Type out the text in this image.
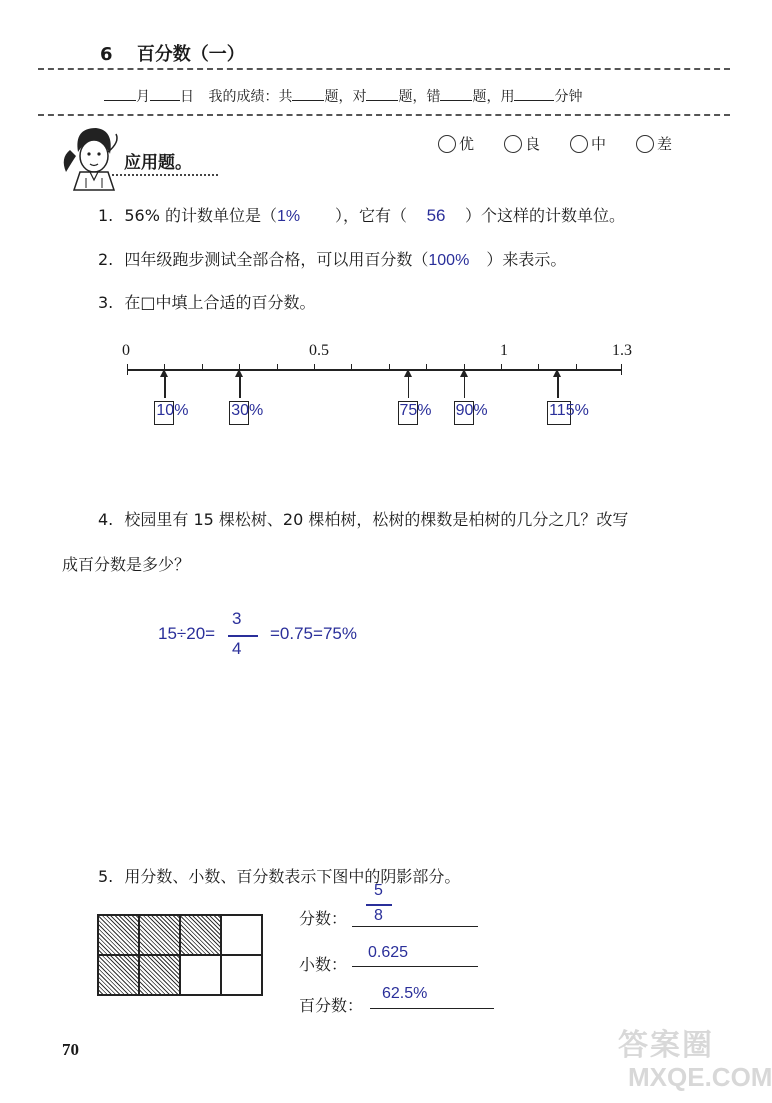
6 百分数（一）
月 日 我的成绩：共 题，对 题，错 题，用	分钟
应用题。
优	良	中	差
1. 56% 的计数单位是（1% ），它有（ 56 ）个这样的计数单位。
2. 四年级跑步测试全部合格，可以用百分数（100% ）来表示。
3. 在□中填上合适的百分数。
0	0.5	1	1.3
10%	30%	75% 90%	115%
4. 校园里有 15 棵松树、20 棵柏树，松树的棵数是柏树的几分之几？改写
成百分数是多少？
15÷20=
3
4
=0.75=75%
5. 用分数、小数、百分数表示下图中的阴影部分。
分数：
5
8
小数：
0.625
百分数：
62.5%
70	答案圈
MXQE.COM
